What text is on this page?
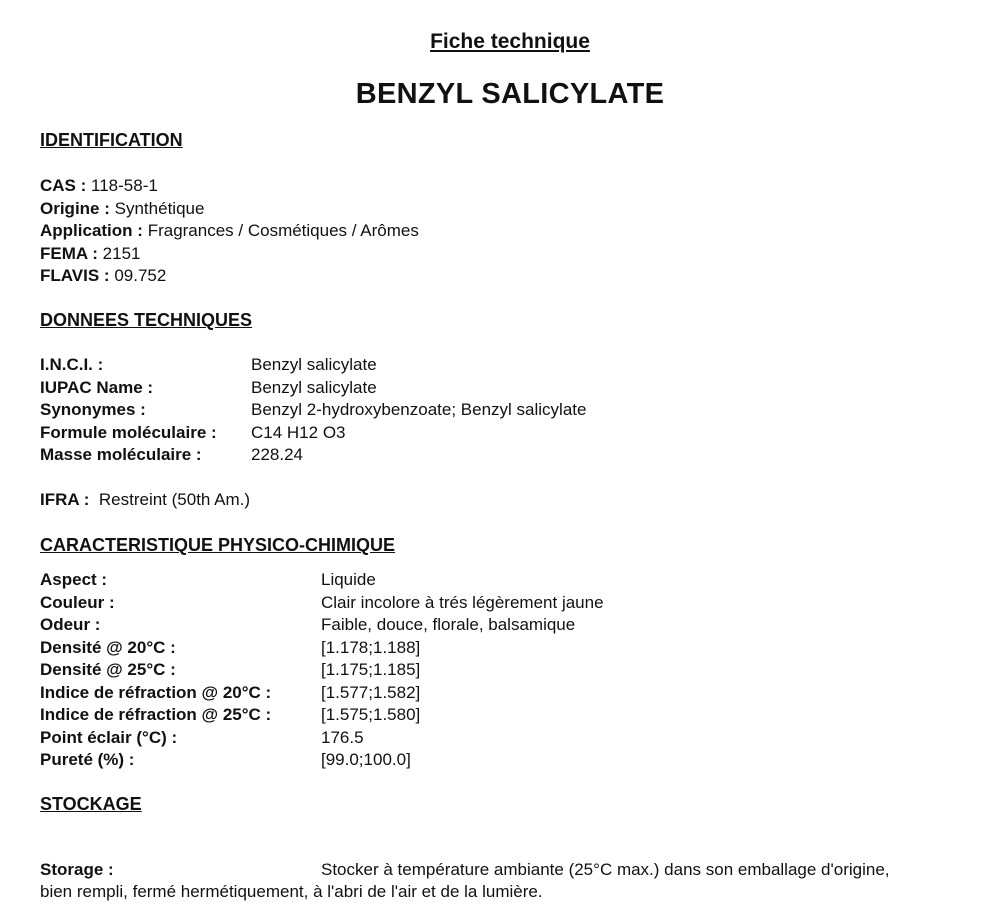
Fiche technique
BENZYL SALICYLATE
IDENTIFICATION
CAS : 118-58-1
Origine : Synthétique
Application : Fragrances / Cosmétiques / Arômes
FEMA : 2151
FLAVIS : 09.752
DONNEES TECHNIQUES
I.N.C.I. :	Benzyl salicylate
IUPAC Name :	Benzyl salicylate
Synonymes :	Benzyl 2-hydroxybenzoate; Benzyl salicylate
Formule moléculaire : C14 H12 O3
Masse moléculaire :	228.24
IFRA : Restreint (50th Am.)
CARACTERISTIQUE PHYSICO-CHIMIQUE
Aspect :	Liquide
Couleur :	Clair incolore à trés légèrement jaune
Odeur :	Faible, douce, florale, balsamique
Densité @ 20°C :	[1.178;1.188]
Densité @ 25°C :	[1.175;1.185]
Indice de réfraction @ 20°C :	[1.577;1.582]
Indice de réfraction @ 25°C :	[1.575;1.580]
Point éclair (°C) :	176.5
Pureté (%) :	[99.0;100.0]
STOCKAGE
Storage :	Stocker à température ambiante (25°C max.) dans son emballage d'origine,
bien rempli, fermé hermétiquement, à l'abri de l'air et de la lumière.
